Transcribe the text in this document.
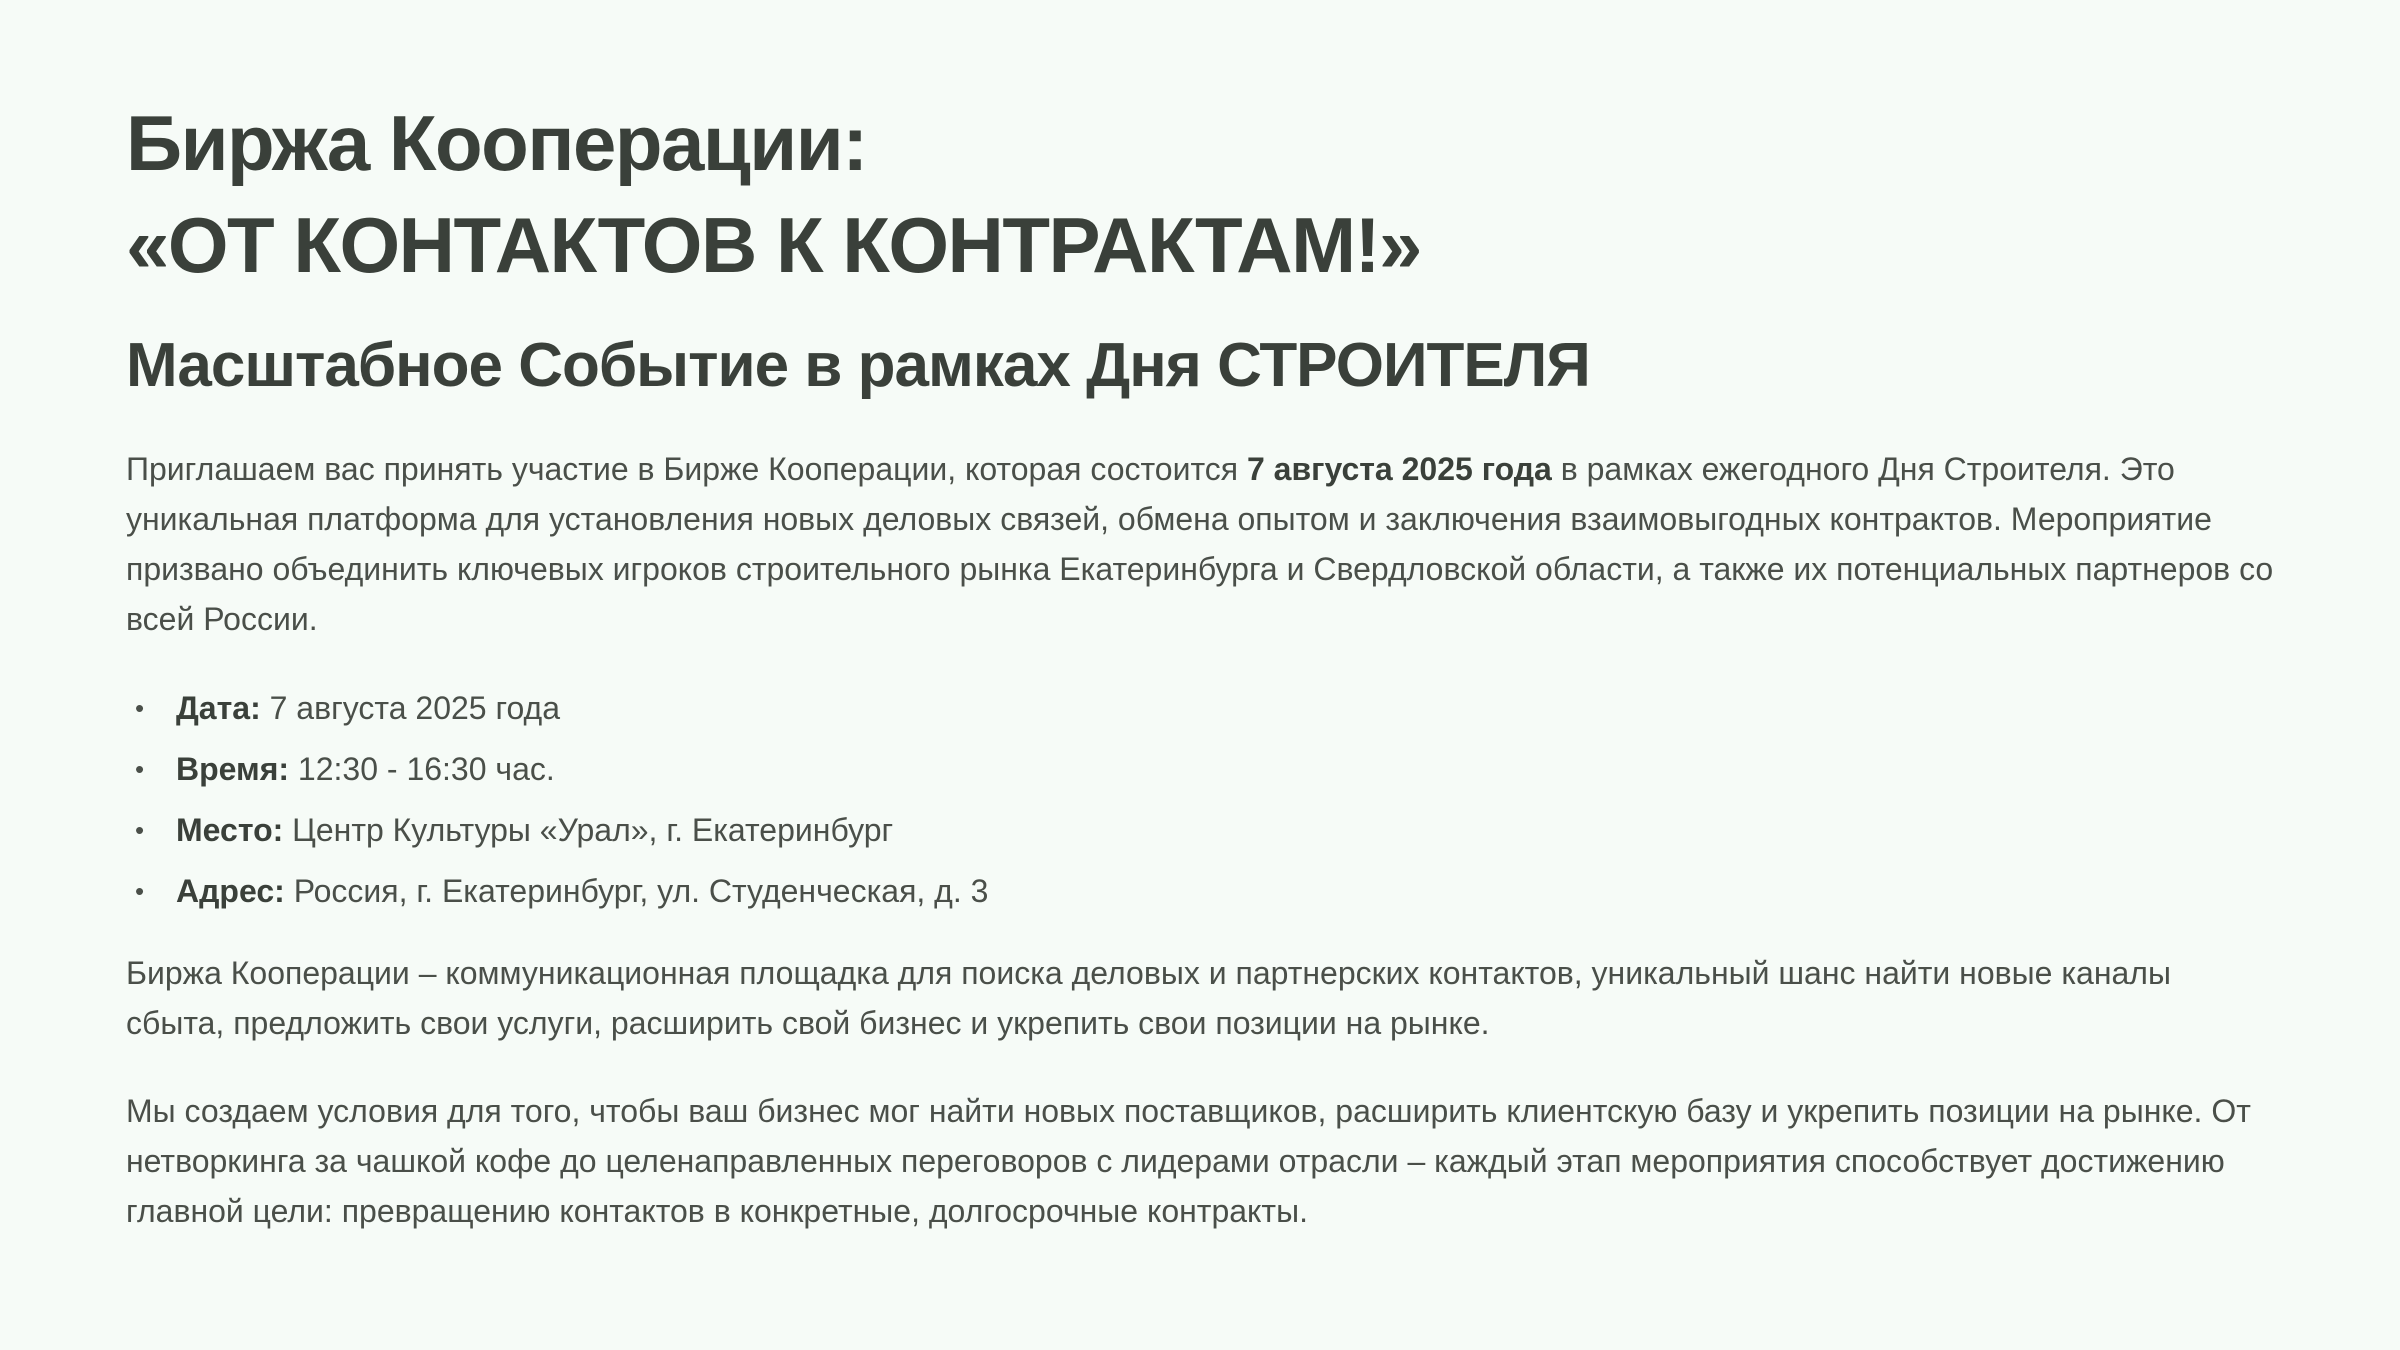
Биржа Кооперации:
«ОТ КОНТАКТОВ К КОНТРАКТАМ!»
Масштабное Событие в рамках Дня СТРОИТЕЛЯ

Приглашаем вас принять участие в Бирже Кооперации, которая состоится 7 августа 2025 года в рамках ежегодного Дня Строителя. Это уникальная платформа для установления новых деловых связей, обмена опытом и заключения взаимовыгодных контрактов. Мероприятие призвано объединить ключевых игроков строительного рынка Екатеринбурга и Свердловской области, а также их потенциальных партнеров со всей России.

• Дата: 7 августа 2025 года
• Время: 12:30 - 16:30 час.
• Место: Центр Культуры «Урал», г. Екатеринбург
• Адрес: Россия, г. Екатеринбург, ул. Студенческая, д. 3

Биржа Кооперации – коммуникационная площадка для поиска деловых и партнерских контактов, уникальный шанс найти новые каналы сбыта, предложить свои услуги, расширить свой бизнес и укрепить свои позиции на рынке.

Мы создаем условия для того, чтобы ваш бизнес мог найти новых поставщиков, расширить клиентскую базу и укрепить позиции на рынке. От нетворкинга за чашкой кофе до целенаправленных переговоров с лидерами отрасли – каждый этап мероприятия способствует достижению главной цели: превращению контактов в конкретные, долгосрочные контракты.
